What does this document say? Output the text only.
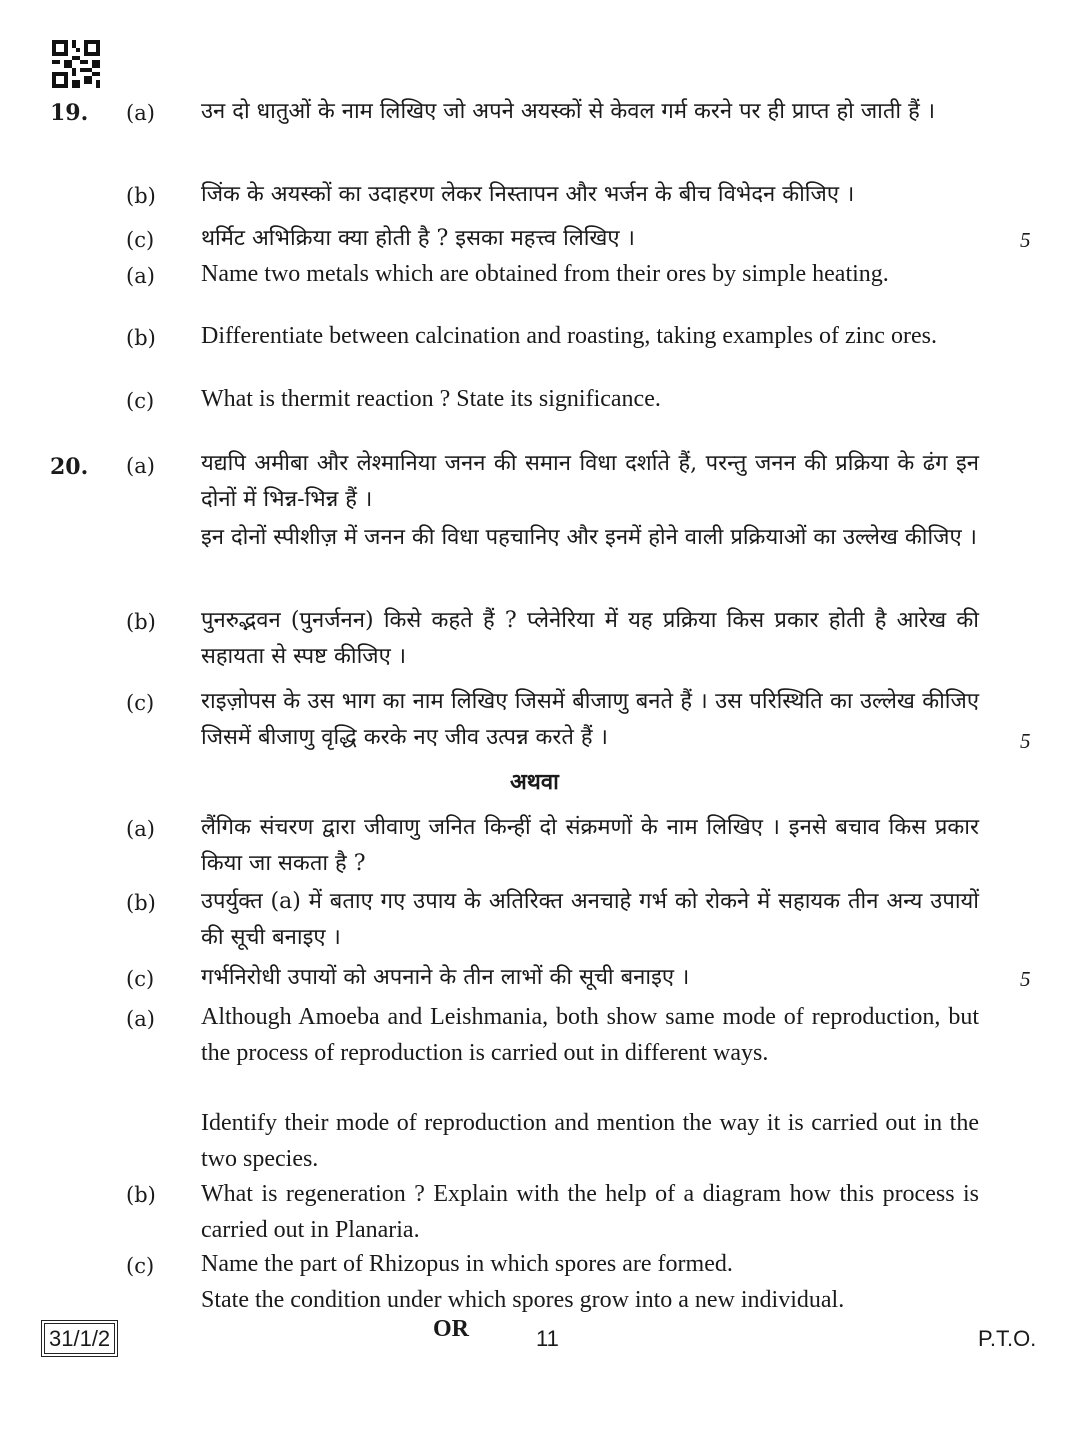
19. (a) उन दो धातुओं के नाम लिखिए जो अपने अयस्कों से केवल गर्म करने पर ही प्राप्त हो जाती हैं ।
(b) जिंक के अयस्कों का उदाहरण लेकर निस्तापन और भर्जन के बीच विभेदन कीजिए ।
(c) थर्मिट अभिक्रिया क्या होती है ? इसका महत्त्व लिखिए ।	5
(a) Name two metals which are obtained from their ores by simple heating.
(b) Differentiate between calcination and roasting, taking examples of zinc ores.
(c) What is thermit reaction ? State its significance.
20. (a) यद्यपि अमीबा और लेश्मानिया जनन की समान विधा दर्शाते हैं, परन्तु जनन की प्रक्रिया के ढंग इन दोनों में भिन्न-भिन्न हैं ।
इन दोनों स्पीशीज़ में जनन की विधा पहचानिए और इनमें होने वाली प्रक्रियाओं का उल्लेख कीजिए ।
(b) पुनरुद्भवन (पुनर्जनन) किसे कहते हैं ? प्लेनेरिया में यह प्रक्रिया किस प्रकार होती है आरेख की सहायता से स्पष्ट कीजिए ।
(c) राइज़ोपस के उस भाग का नाम लिखिए जिसमें बीजाणु बनते हैं । उस परिस्थिति का उल्लेख कीजिए जिसमें बीजाणु वृद्धि करके नए जीव उत्पन्न करते हैं ।	5
अथवा
(a) लैंगिक संचरण द्वारा जीवाणु जनित किन्हीं दो संक्रमणों के नाम लिखिए । इनसे बचाव किस प्रकार किया जा सकता है ?
(b) उपर्युक्त (a) में बताए गए उपाय के अतिरिक्त अनचाहे गर्भ को रोकने में सहायक तीन अन्य उपायों की सूची बनाइए ।
(c) गर्भनिरोधी उपायों को अपनाने के तीन लाभों की सूची बनाइए ।	5
(a) Although Amoeba and Leishmania, both show same mode of reproduction, but the process of reproduction is carried out in different ways.
Identify their mode of reproduction and mention the way it is carried out in the two species.
(b) What is regeneration ? Explain with the help of a diagram how this process is carried out in Planaria.
(c) Name the part of Rhizopus in which spores are formed.
State the condition under which spores grow into a new individual.
OR
31/1/2	11	P.T.O.
